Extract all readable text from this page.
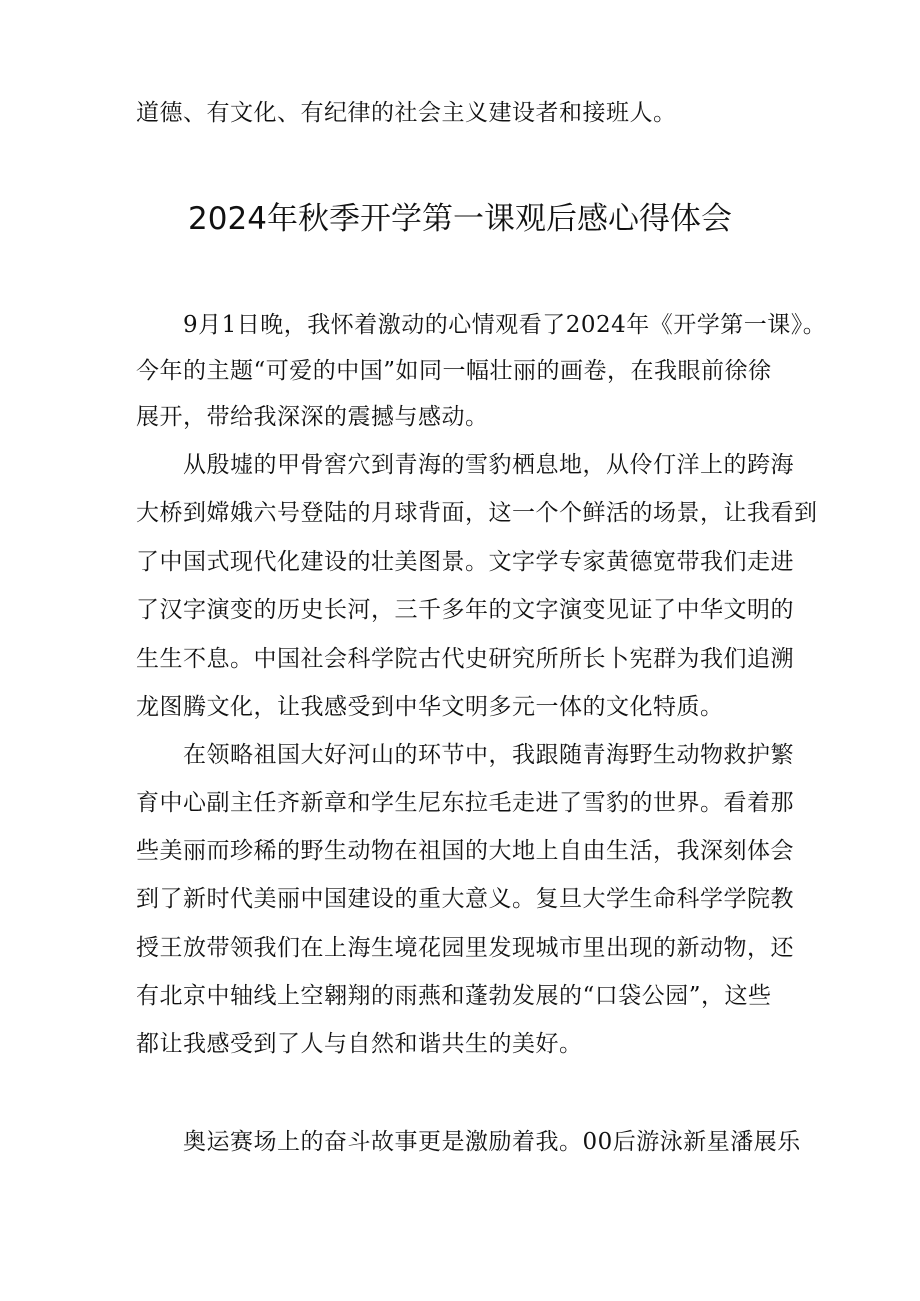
道德、有文化、有纪律的社会主义建设者和接班人。
2024年秋季开学第一课观后感心得体会
9月1日晚，我怀着激动的心情观看了2024年《开学第一课》。
今年的主题“可爱的中国”如同一幅壮丽的画卷，在我眼前徐徐
展开，带给我深深的震撼与感动。
从殷墟的甲骨窖穴到青海的雪豹栖息地，从伶仃洋上的跨海
大桥到嫦娥六号登陆的月球背面，这一个个鲜活的场景，让我看到
了中国式现代化建设的壮美图景。文字学专家黄德宽带我们走进
了汉字演变的历史长河，三千多年的文字演变见证了中华文明的
生生不息。中国社会科学院古代史研究所所长卜宪群为我们追溯
龙图腾文化，让我感受到中华文明多元一体的文化特质。
在领略祖国大好河山的环节中，我跟随青海野生动物救护繁
育中心副主任齐新章和学生尼东拉毛走进了雪豹的世界。看着那
些美丽而珍稀的野生动物在祖国的大地上自由生活，我深刻体会
到了新时代美丽中国建设的重大意义。复旦大学生命科学学院教
授王放带领我们在上海生境花园里发现城市里出现的新动物，还
有北京中轴线上空翱翔的雨燕和蓬勃发展的“口袋公园”，这些
都让我感受到了人与自然和谐共生的美好。
奥运赛场上的奋斗故事更是激励着我。00后游泳新星潘展乐
